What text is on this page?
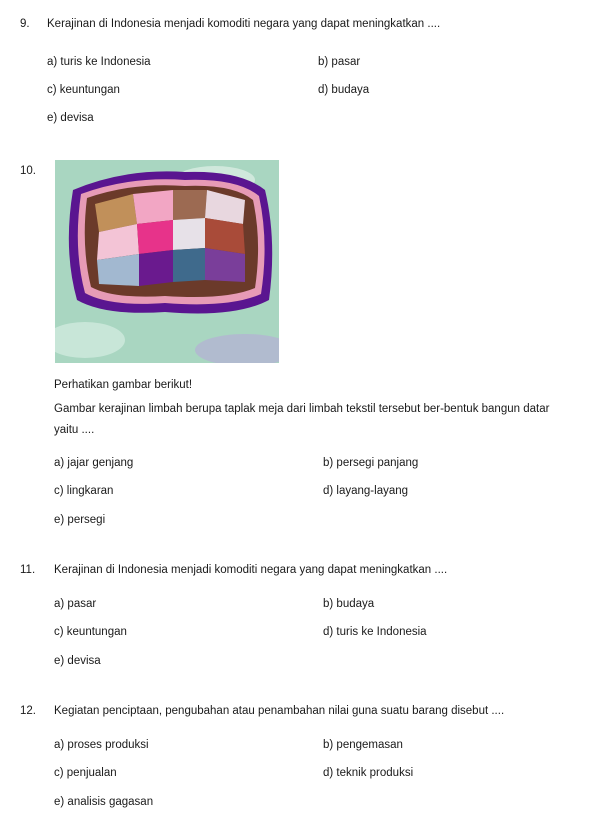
9. Kerajinan di Indonesia menjadi komoditi negara yang dapat meningkatkan ....
a) turis ke Indonesia	b) pasar
c) keuntungan	d) budaya
e) devisa
10.
Perhatikan gambar berikut!
Gambar kerajinan limbah berupa taplak meja dari limbah tekstil tersebut ber-bentuk bangun datar
yaitu ....
a) jajar genjang	b) persegi panjang
c) lingkaran	d) layang-layang
e) persegi
11. Kerajinan di Indonesia menjadi komoditi negara yang dapat meningkatkan ....
a) pasar	b) budaya
c) keuntungan	d) turis ke Indonesia
e) devisa
12. Kegiatan penciptaan, pengubahan atau penambahan nilai guna suatu barang disebut ....
a) proses produksi	b) pengemasan
c) penjualan	d) teknik produksi
e) analisis gagasan
